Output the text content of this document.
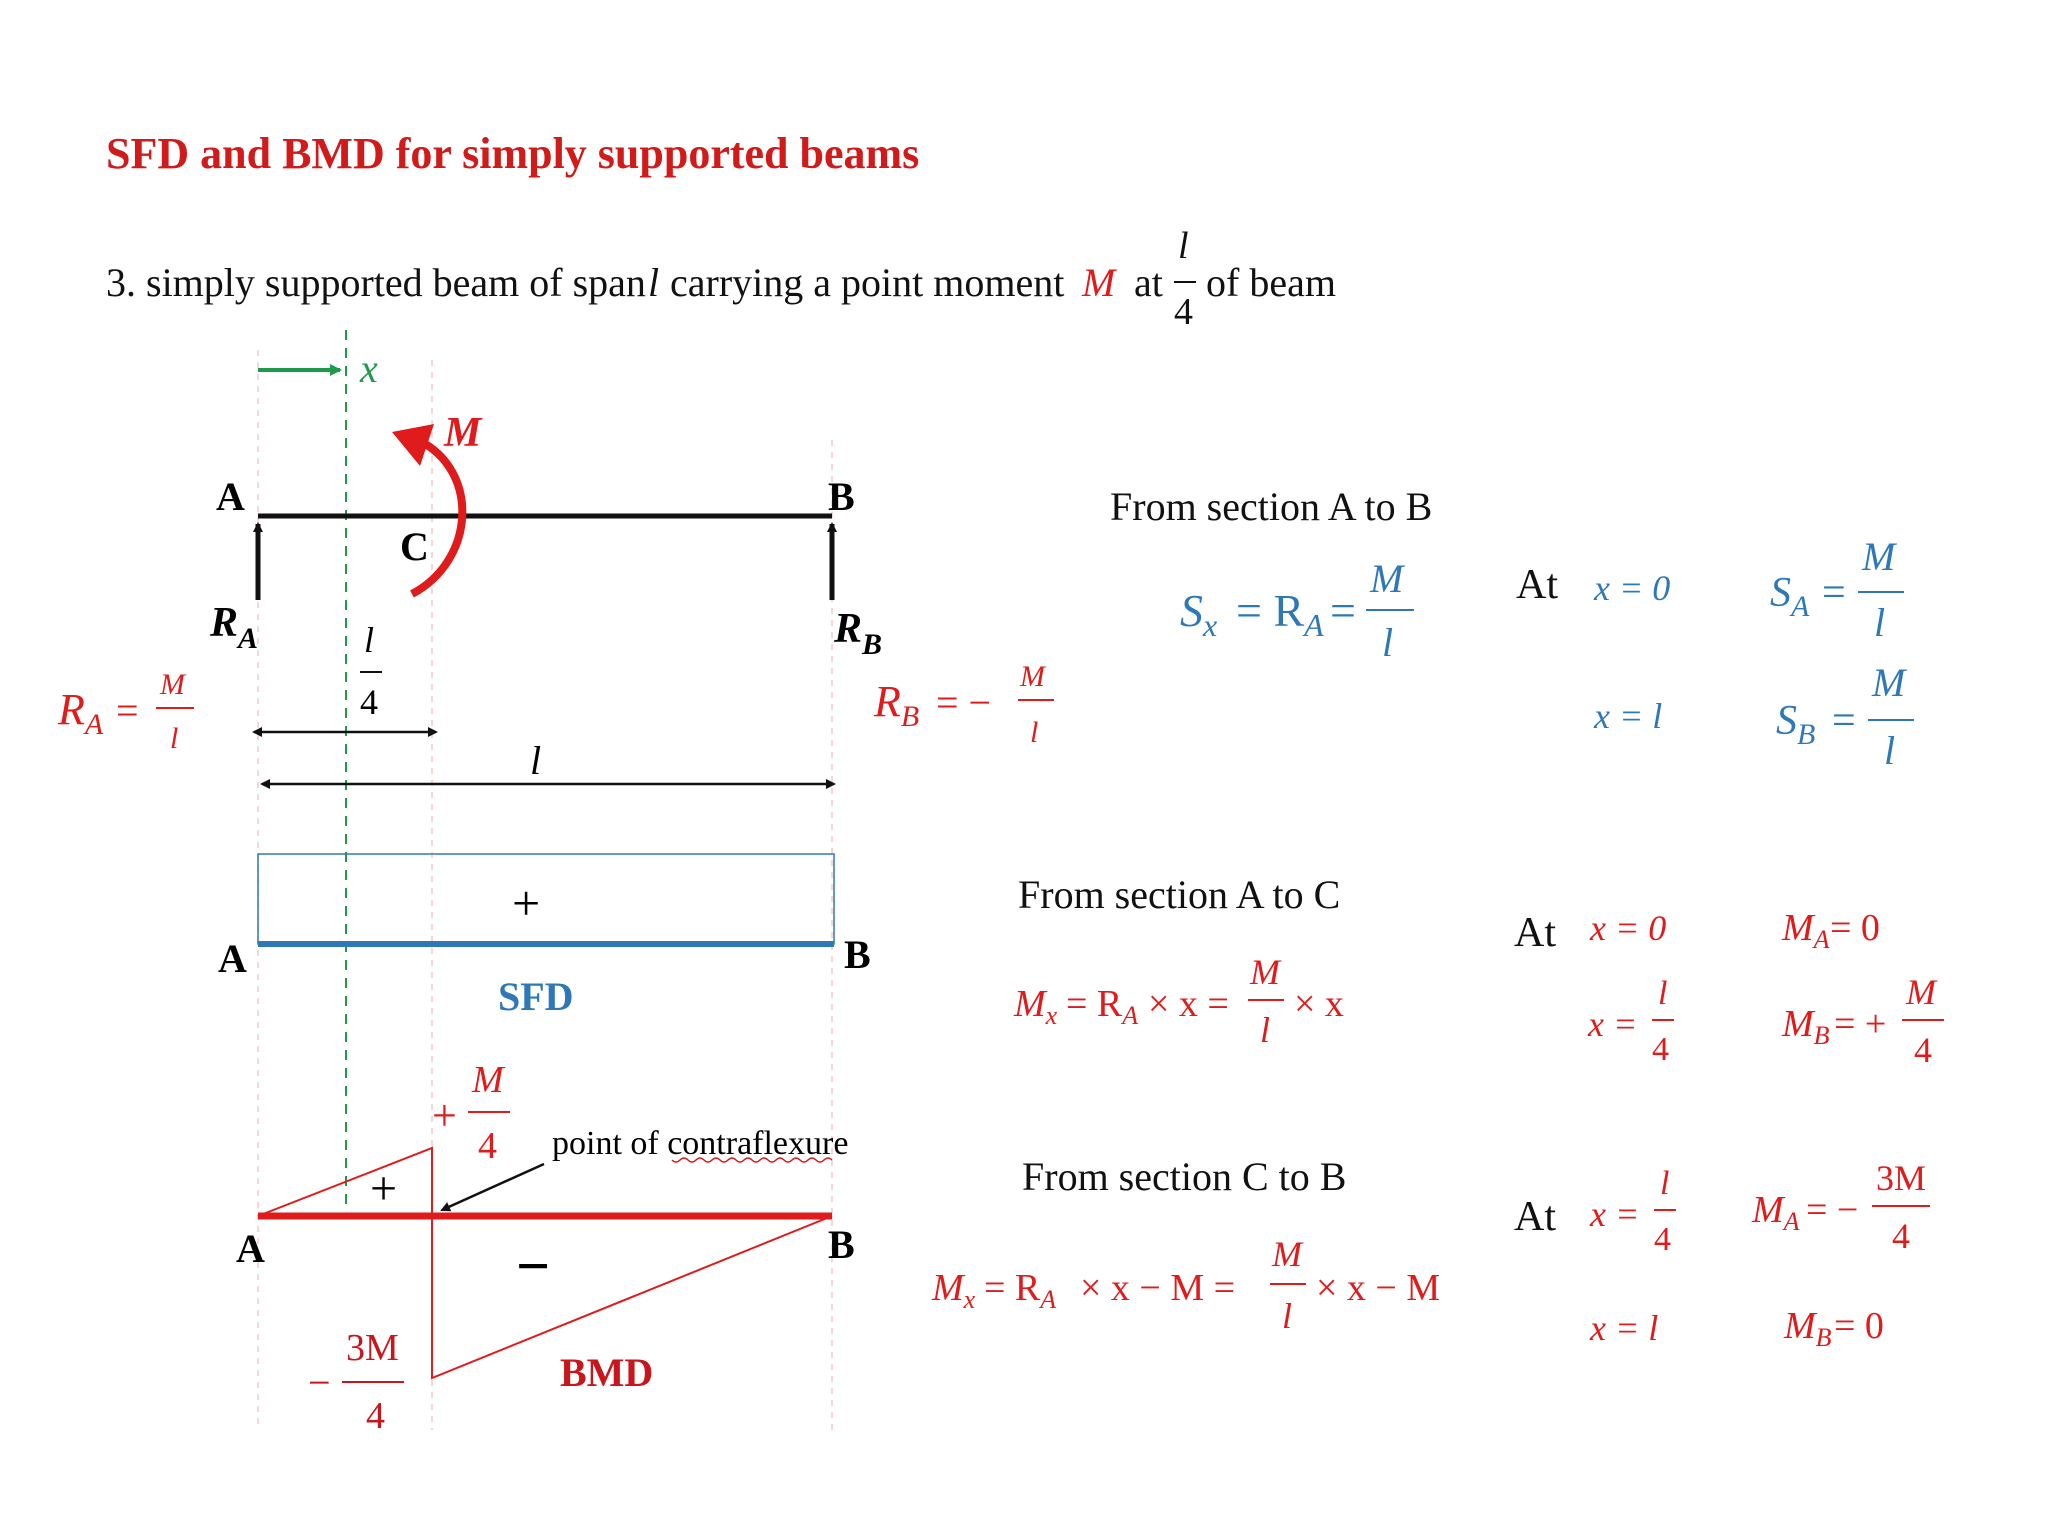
SFD and BMD for simply supported beams
3. simply supported beam of span l carrying a point moment M at
l
4
of beam
x
A	B
C
M
$R_A$	$R_B$
l
4
l
$R_A$ =
M
l
$R_B$ = −
M
l
+
A	B
SFD
+
−
A	B
BMD
+
M
4 point of contraflexure
−
3M
4
From section A to B
$S_x = R_A$ =
M
l
At x = 0 $S_A$ =
M
l
x = l	$S_B$ =
M
l
From section A to C
$M_x = R_A \times x$ =
M
l
× x
At x = 0	$M_A = 0$
x =
l
4
$M_B$ = +
M
4
From section C to B
$M_x = R_A \times x - M$ =
M
l
× x − M
At x =
l
4
$M_A$ = −
3M
4
x = l	$M_B = 0$
